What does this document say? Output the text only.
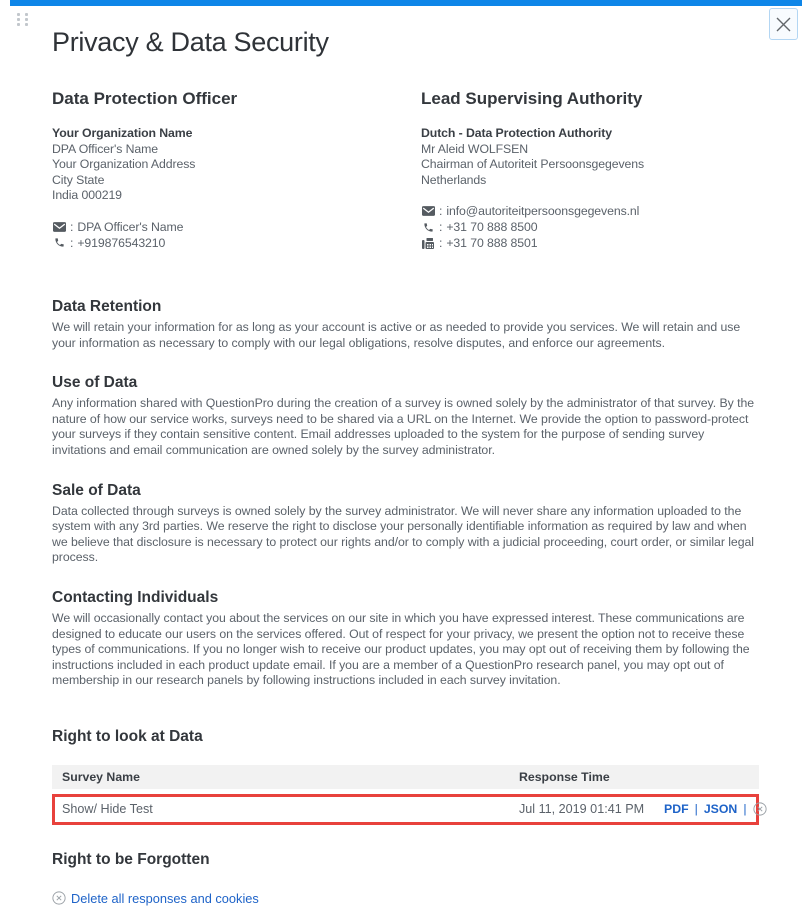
Privacy & Data Security
Data Protection Officer
Your Organization Name
DPA Officer's Name
Your Organization Address
City State
India 000219
: DPA Officer's Name
: +919876543210
Lead Supervising Authority
Dutch - Data Protection Authority
Mr Aleid WOLFSEN
Chairman of Autoriteit Persoonsgegevens
Netherlands
: info@autoriteitpersoonsgegevens.nl
: +31 70 888 8500
: +31 70 888 8501
Data Retention

We will retain your information for as long as your account is active or as needed to provide you services. We will retain and use your information as necessary to comply with our legal obligations, resolve disputes, and enforce our agreements.

Use of Data

Any information shared with QuestionPro during the creation of a survey is owned solely by the administrator of that survey. By the nature of how our service works, surveys need to be shared via a URL on the Internet. We provide the option to password-protect your surveys if they contain sensitive content. Email addresses uploaded to the system for the purpose of sending survey invitations and email communication are owned solely by the survey administrator.

Sale of Data

Data collected through surveys is owned solely by the survey administrator. We will never share any information uploaded to the system with any 3rd parties. We reserve the right to disclose your personally identifiable information as required by law and when we believe that disclosure is necessary to protect our rights and/or to comply with a judicial proceeding, court order, or similar legal process.

Contacting Individuals

We will occasionally contact you about the services on our site in which you have expressed interest. These communications are designed to educate our users on the services offered. Out of respect for your privacy, we present the option not to receive these types of communications. If you no longer wish to receive our product updates, you may opt out of receiving them by following the instructions included in each product update email. If you are a member of a QuestionPro research panel, you may opt out of membership in our research panels by following instructions included in each survey invitation.

Right to look at Data
Survey Name	Response Time
Show/ Hide Test	Jul 11, 2019 01:41 PM	PDF | JSON |
Right to be Forgotten
Delete all responses and cookies
